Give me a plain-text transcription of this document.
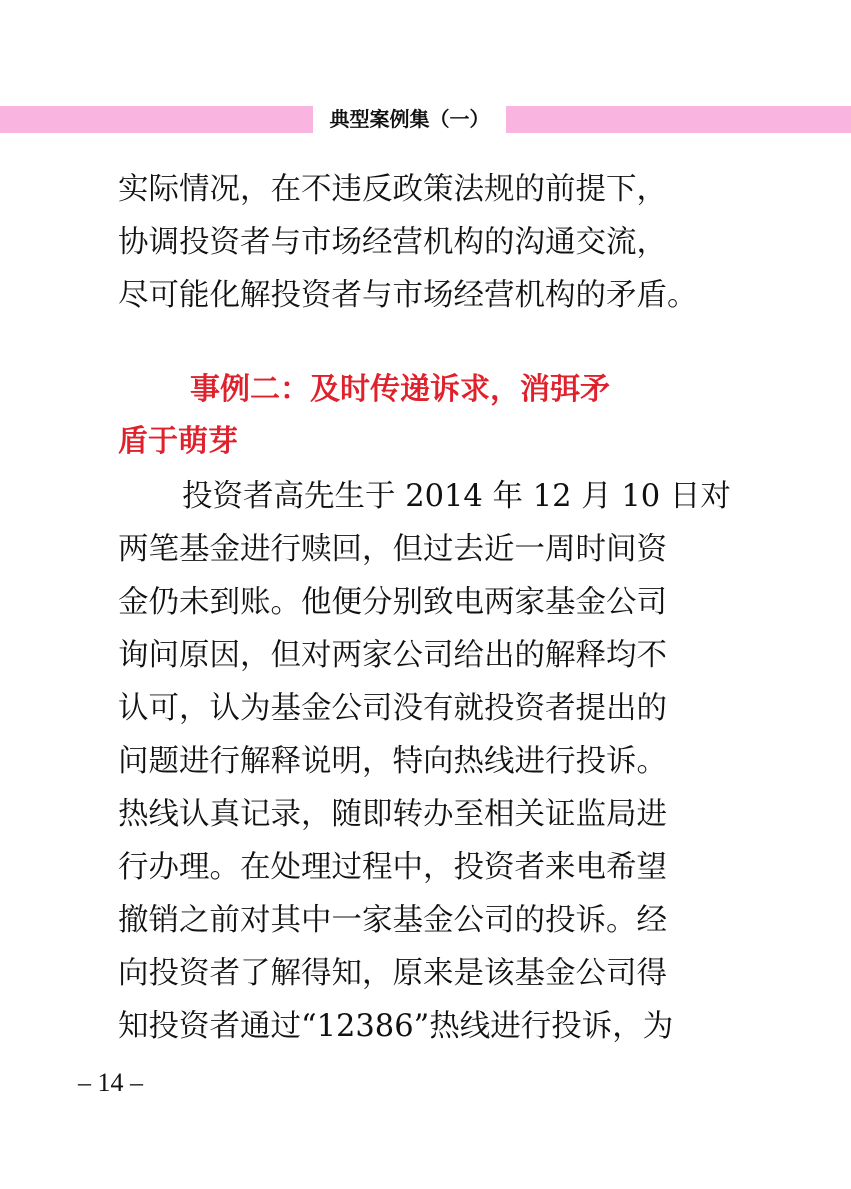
典型案例集（一）
实际情况，在不违反政策法规的前提下，
协调投资者与市场经营机构的沟通交流，
尽可能化解投资者与市场经营机构的矛盾。
事例二：及时传递诉求，消弭矛
盾于萌芽
投资者高先生于 2014 年 12 月 10 日对
两笔基金进行赎回，但过去近一周时间资
金仍未到账。他便分别致电两家基金公司
询问原因，但对两家公司给出的解释均不
认可，认为基金公司没有就投资者提出的
问题进行解释说明，特向热线进行投诉。
热线认真记录，随即转办至相关证监局进
行办理。在处理过程中，投资者来电希望
撤销之前对其中一家基金公司的投诉。经
向投资者了解得知，原来是该基金公司得
知投资者通过“12386”热线进行投诉，为
– 14 –
